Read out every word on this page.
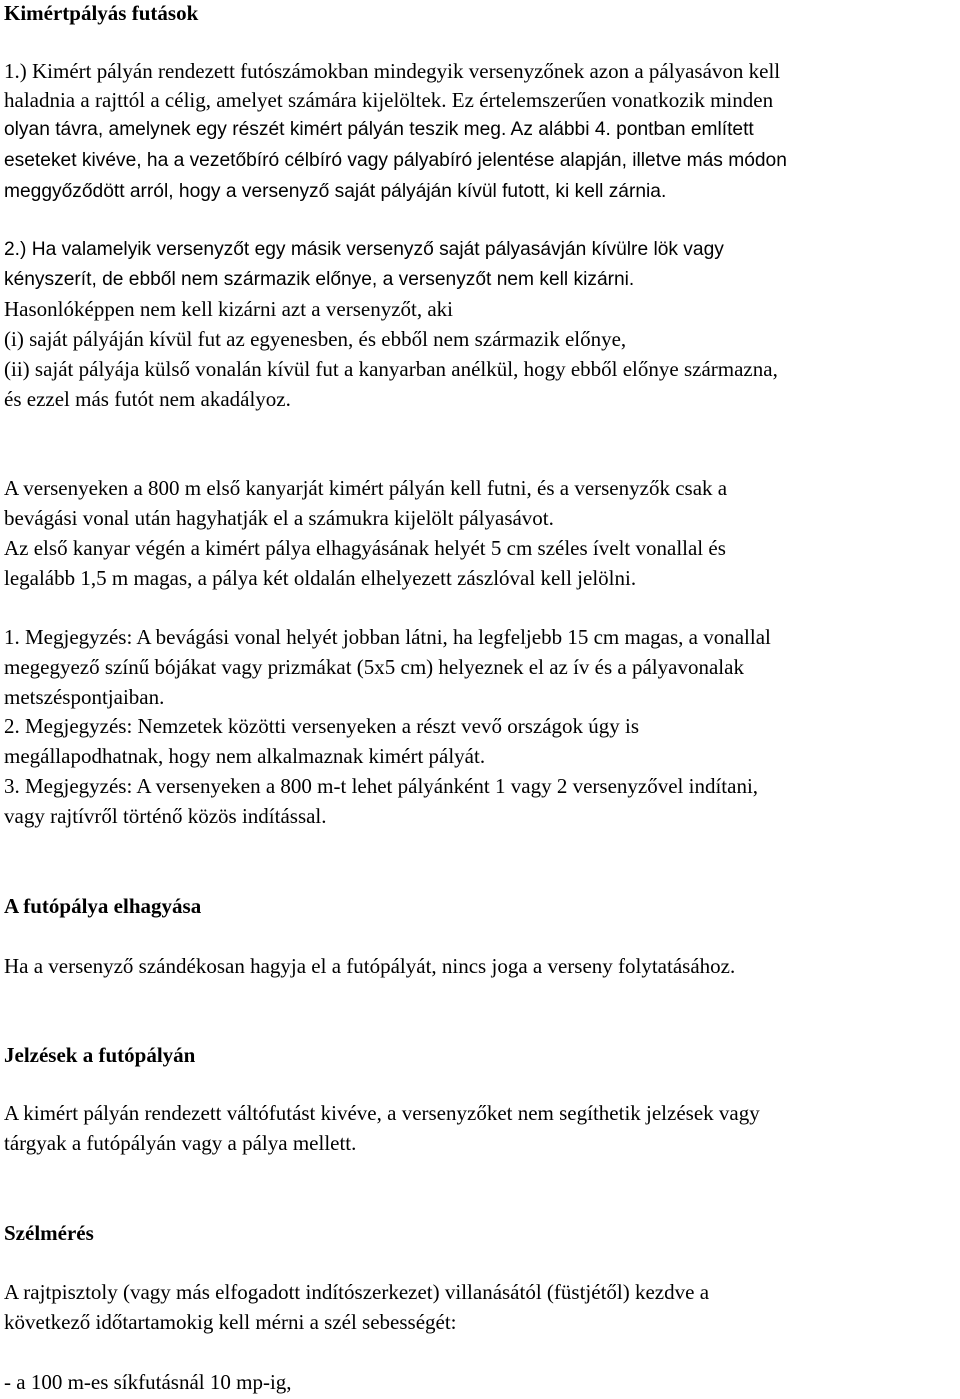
Kimértpályás futások
1.) Kimért pályán rendezett futószámokban mindegyik versenyzőnek azon a pályasávon kell
haladnia a rajttól a célig, amelyet számára kijelöltek. Ez értelemszerűen vonatkozik minden
olyan távra, amelynek egy részét kimért pályán teszik meg. Az alábbi 4. pontban említett
eseteket kivéve, ha a vezetőbíró célbíró vagy pályabíró jelentése alapján, illetve más módon
meggyőződött arról, hogy a versenyző saját pályáján kívül futott, ki kell zárnia.
2.) Ha valamelyik versenyzőt egy másik versenyző saját pályasávján kívülre lök vagy
kényszerít, de ebből nem származik előnye, a versenyzőt nem kell kizárni.
Hasonlóképpen nem kell kizárni azt a versenyzőt, aki
(i) saját pályáján kívül fut az egyenesben, és ebből nem származik előnye,
(ii) saját pályája külső vonalán kívül fut a kanyarban anélkül, hogy ebből előnye származna,
és ezzel más futót nem akadályoz.
A versenyeken a 800 m első kanyarját kimért pályán kell futni, és a versenyzők csak a
bevágási vonal után hagyhatják el a számukra kijelölt pályasávot.
Az első kanyar végén a kimért pálya elhagyásának helyét 5 cm széles ívelt vonallal és
legalább 1,5 m magas, a pálya két oldalán elhelyezett zászlóval kell jelölni.
1. Megjegyzés: A bevágási vonal helyét jobban látni, ha legfeljebb 15 cm magas, a vonallal
megegyező színű bójákat vagy prizmákat (5x5 cm) helyeznek el az ív és a pályavonalak
metszéspontjaiban.
2. Megjegyzés: Nemzetek közötti versenyeken a részt vevő országok úgy is
megállapodhatnak, hogy nem alkalmaznak kimért pályát.
3. Megjegyzés: A versenyeken a 800 m-t lehet pályánként 1 vagy 2 versenyzővel indítani,
vagy rajtívről történő közös indítással.
A futópálya elhagyása
Ha a versenyző szándékosan hagyja el a futópályát, nincs joga a verseny folytatásához.
Jelzések a futópályán
A kimért pályán rendezett váltófutást kivéve, a versenyzőket nem segíthetik jelzések vagy
tárgyak a futópályán vagy a pálya mellett.
Szélmérés
A rajtpisztoly (vagy más elfogadott indítószerkezet) villanásától (füstjétől) kezdve a
következő időtartamokig kell mérni a szél sebességét:
- a 100 m-es síkfutásnál 10 mp-ig,
